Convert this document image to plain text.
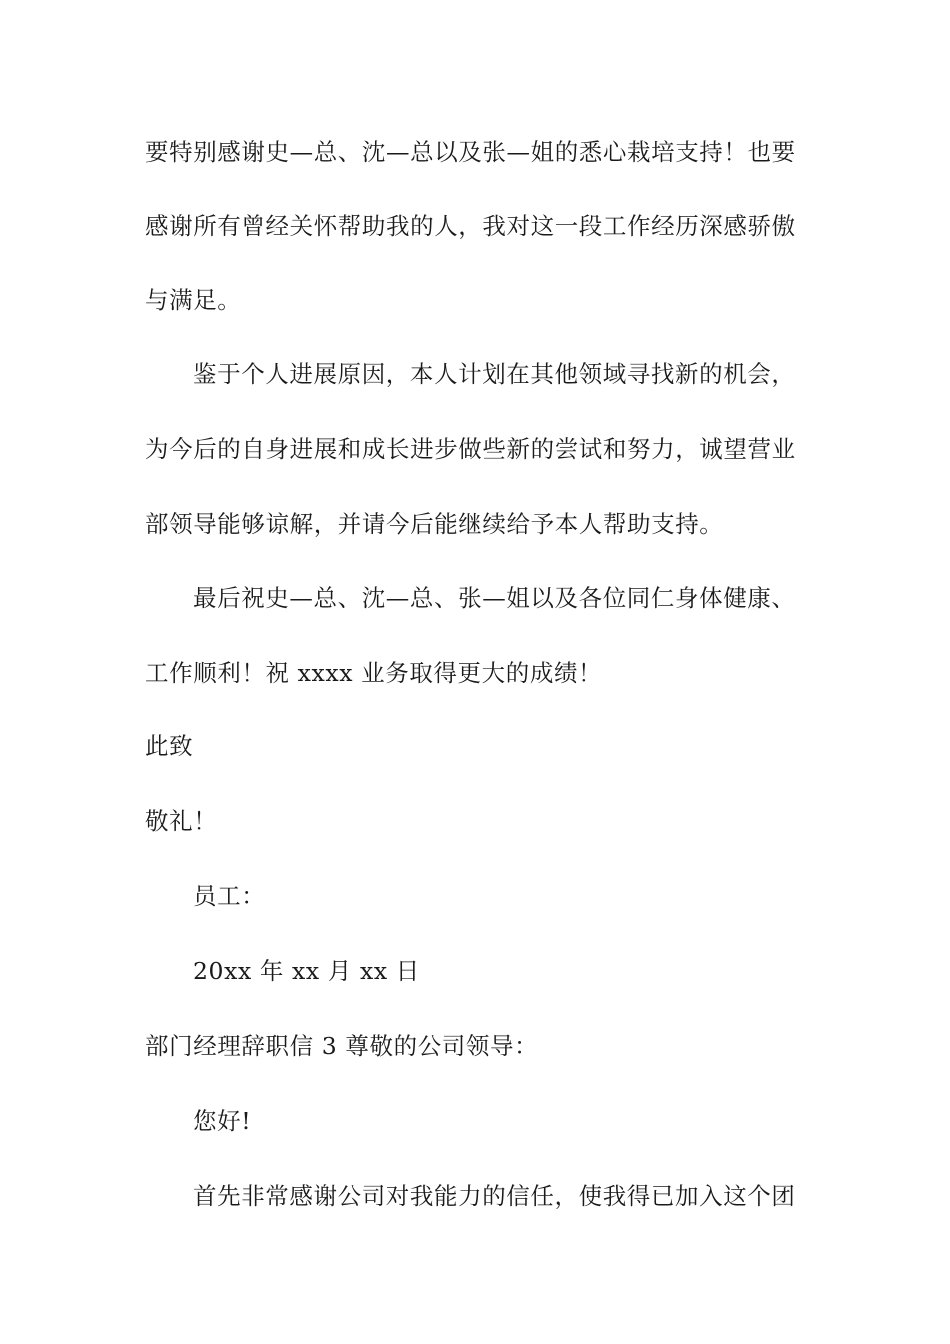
要特别感谢史—总、沈—总以及张—姐的悉心栽培支持！也要
感谢所有曾经关怀帮助我的人，我对这一段工作经历深感骄傲
与满足。
鉴于个人进展原因，本人计划在其他领域寻找新的机会，
为今后的自身进展和成长进步做些新的尝试和努力，诚望营业
部领导能够谅解，并请今后能继续给予本人帮助支持。
最后祝史—总、沈—总、张—姐以及各位同仁身体健康、
工作顺利！祝 xxxx 业务取得更大的成绩！
此致
敬礼！
员工：
20xx 年 xx 月 xx 日
部门经理辞职信 3 尊敬的公司领导：
您好!
首先非常感谢公司对我能力的信任，使我得已加入这个团
